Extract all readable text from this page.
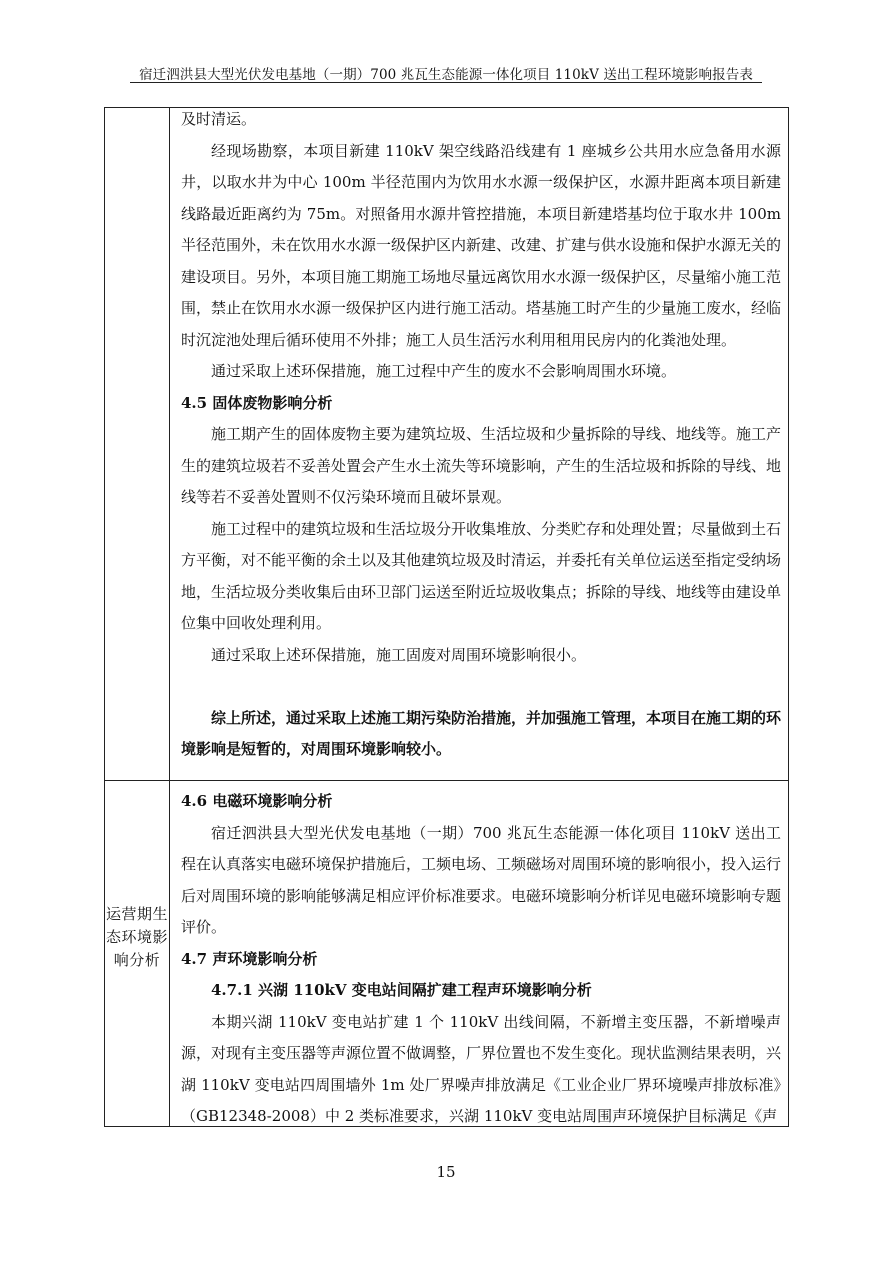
宿迁泗洪县大型光伏发电基地（一期）700 兆瓦生态能源一体化项目 110kV 送出工程环境影响报告表

及时清运。

经现场勘察，本项目新建 110kV 架空线路沿线建有 1 座城乡公共用水应急备用水源井，以取水井为中心 100m 半径范围内为饮用水水源一级保护区，水源井距离本项目新建线路最近距离约为 75m。对照备用水源井管控措施，本项目新建塔基均位于取水井 100m 半径范围外，未在饮用水水源一级保护区内新建、改建、扩建与供水设施和保护水源无关的建设项目。另外，本项目施工期施工场地尽量远离饮用水水源一级保护区，尽量缩小施工范围，禁止在饮用水水源一级保护区内进行施工活动。塔基施工时产生的少量施工废水，经临时沉淀池处理后循环使用不外排；施工人员生活污水利用租用民房内的化粪池处理。

通过采取上述环保措施，施工过程中产生的废水不会影响周围水环境。

4.5 固体废物影响分析

施工期产生的固体废物主要为建筑垃圾、生活垃圾和少量拆除的导线、地线等。施工产生的建筑垃圾若不妥善处置会产生水土流失等环境影响，产生的生活垃圾和拆除的导线、地线等若不妥善处置则不仅污染环境而且破坏景观。

施工过程中的建筑垃圾和生活垃圾分开收集堆放、分类贮存和处理处置；尽量做到土石方平衡，对不能平衡的余土以及其他建筑垃圾及时清运，并委托有关单位运送至指定受纳场地，生活垃圾分类收集后由环卫部门运送至附近垃圾收集点；拆除的导线、地线等由建设单位集中回收处理利用。

通过采取上述环保措施，施工固废对周围环境影响很小。

综上所述，通过采取上述施工期污染防治措施，并加强施工管理，本项目在施工期的环境影响是短暂的，对周围环境影响较小。

运营期生态环境影响分析

4.6 电磁环境影响分析

宿迁泗洪县大型光伏发电基地（一期）700 兆瓦生态能源一体化项目 110kV 送出工程在认真落实电磁环境保护措施后，工频电场、工频磁场对周围环境的影响很小，投入运行后对周围环境的影响能够满足相应评价标准要求。电磁环境影响分析详见电磁环境影响专题评价。

4.7 声环境影响分析

4.7.1 兴湖 110kV 变电站间隔扩建工程声环境影响分析

本期兴湖 110kV 变电站扩建 1 个 110kV 出线间隔，不新增主变压器，不新增噪声源，对现有主变压器等声源位置不做调整，厂界位置也不发生变化。现状监测结果表明，兴湖 110kV 变电站四周围墙外 1m 处厂界噪声排放满足《工业企业厂界环境噪声排放标准》（GB12348-2008）中 2 类标准要求，兴湖 110kV 变电站周围声环境保护目标满足《声

15
